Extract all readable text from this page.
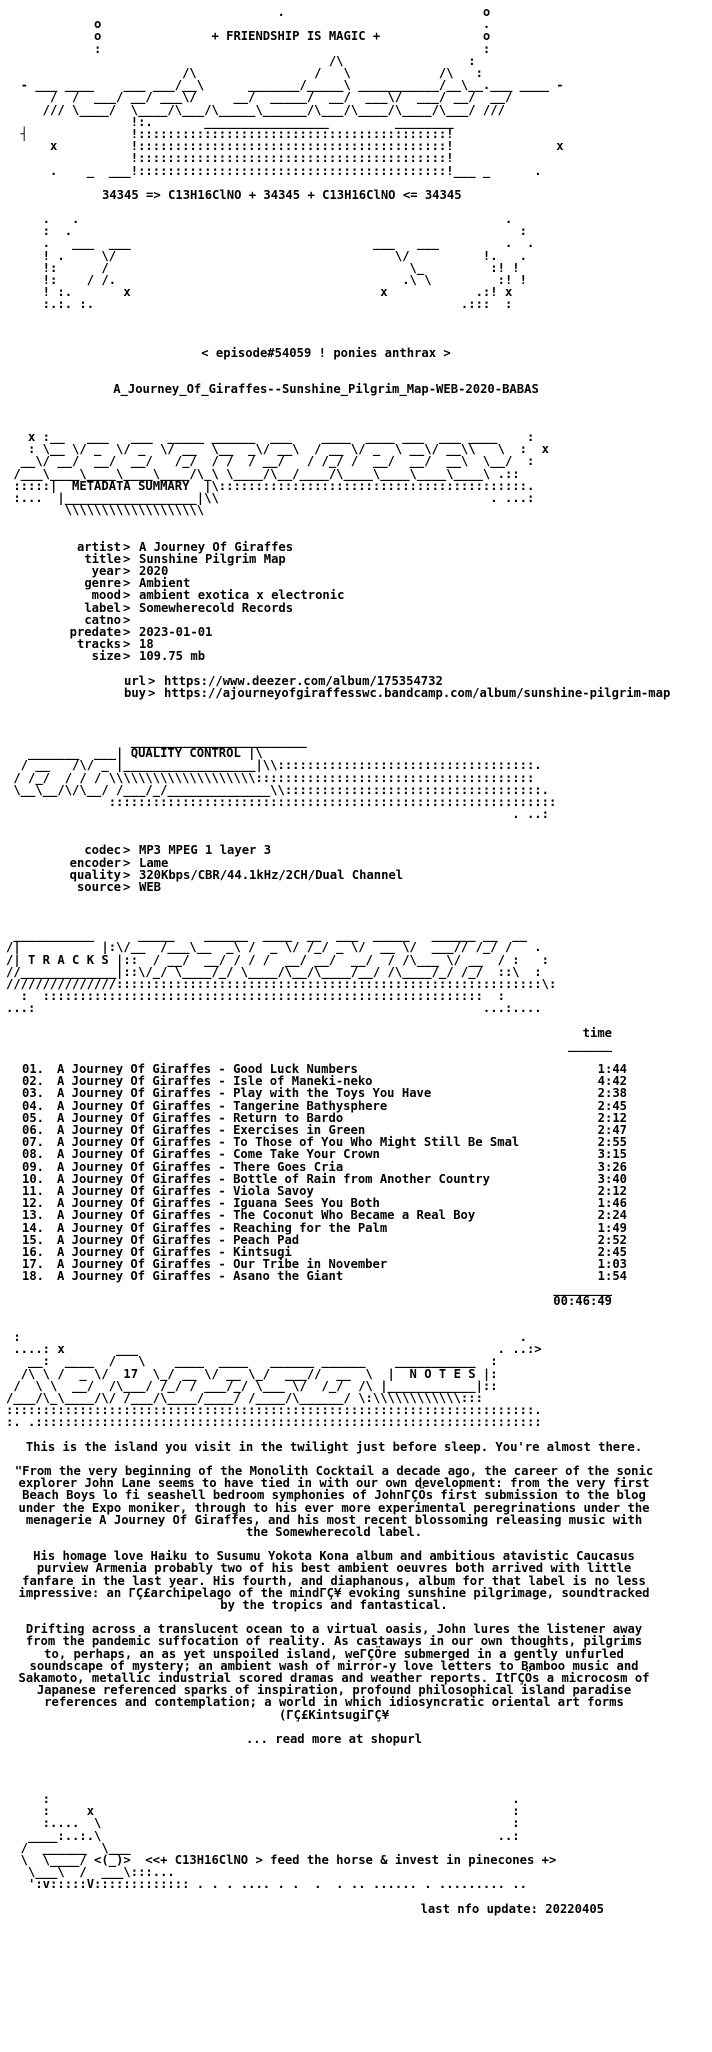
.                           o
o                                                    .
o               + FRIENDSHIP IS MAGIC +              o
:                                                    :
/\                 :
/\                /   \            /\   :
- ___ ____    ___ ___/__\      _______/_____\ ___________/__\__.___ ____ -
/  /  ___/ __/ ___\/     __/  _____/  __/  ___\/  ___/ __/  __/
/// \____/  \____/\___/\_____\______/\___/\____/\____/\___/ ///
!:.       _________________         ________
┤              !::::::::::::::::::::::::::::::::::::::::::!
x          !::::::::::::::::::::::::::::::::::::::::::!              x
!::::::::::::::::::::::::::::::::::::::::::!
.    _  ___!::::::::::::::::::::::::::::::::::::::::::!___ _      .
34345 => C13H16ClNO + 34345 + C13H16ClNO <= 34345
.   .                                                          .
:  .                                                             :
.   ___  ___                                 ___   ___         .  .
! .     \/                                      \/          !.   .
!:      /                                         \_         :! !
!:    / /.                                       .\ \         :! !
! :.       x                                  x            .:! x
:.:. :.                                                  .:::  :
< episode#54059 ! ponies anthrax >
A_Journey_Of_Giraffes--Sunshine_Pilgrim_Map-WEB-2020-BABAS
x :__   ___   ___  _____ ______  ___    ____  ____ ___  ___ ____    :
: \__ \/ _  \/ _  \/ __  \__  _\/ __\  / __ \/ _  \ __\/ __\\   \  :  x
__\/ __/  __/  __/   /_/  / /  / __/   / /_/ /  __/  __/  __\  \__/  :
/___\____\____\____\____/\_\ \____/\__/____/\____\____\____\____\ .::
:::::|  METADATA SUMMARY  |\::::::::::::::::::::::::::::::::::::::::::.
:...  |__________________|\\                                     . ...:
\\\\\\\\\\\\\\\\\\\
artist > A Journey Of Giraffes
title > Sunshine Pilgrim Map
year > 2020
genre > Ambient
mood > ambient exotica x electronic
label > Somewherecold Records
catno >
predate > 2023-01-01
tracks > 18
size > 109.75 mb
url > https://www.deezer.com/album/175354732
buy > https://ajourneyofgiraffesswc.bandcamp.com/album/sunshine-pilgrim-map
________________________
_______  ___| QUALITY CONTROL |\
/ __   /\/ _ |__________________|\\:::::::::::::::::::::::::::::::::::.
/ /_/  / / / \\\\\\\\\\\\\\\\\\\\::::::::::::::::::::::::::::::::::::::
\__\__/\/\__/ /___/_/______________\\:::::::::::::::::::::::::::::::::::.
:::::::::::::::::::::::::::::::::::::::::::::::::::::::::::::
. ..:
codec > MP3 MPEG 1 layer 3
encoder > Lame
quality > 320Kbps/CBR/44.1kHz/2CH/Dual Channel
source > WEB
___________      _____    ______  ____  __  ___  _____   ______ __  __
/|           |:\/__  /___\__  _\ /  _ \/ /_/ _ \/  __ \/  ___// /_/ /   .
/| T R A C K S |::  / __/  __/ / / /  __/ __/  __/  / /\___ \/ __  / :   :
//_____________|::\/_/ \____/_/ \____/\__/\____/__/ /\____/_/ /_/  ::\  :
///////////////::::::::::::::::::::::::::::::::::::::::::::::::::::::::::\:
:  ::::::::::::::::::::::::::::::::::::::::::::::::::::::::::::  :
...:                                                             ...:....
time
______
01.	A Journey Of Giraffes - Good Luck Numbers	1:44
02.	A Journey Of Giraffes - Isle of Maneki-neko	4:42
03.	A Journey Of Giraffes - Play with the Toys You Have	2:38
04.	A Journey Of Giraffes - Tangerine Bathysphere	2:45
05.	A Journey Of Giraffes - Return to Bardo	2:12
06.	A Journey Of Giraffes - Exercises in Green	2:47
07.	A Journey Of Giraffes - To Those of You Who Might Still Be Smal	2:55
08.	A Journey Of Giraffes - Come Take Your Crown	3:15
09.	A Journey Of Giraffes - There Goes Cria	3:26
10.	A Journey Of Giraffes - Bottle of Rain from Another Country	3:40
11.	A Journey Of Giraffes - Viola Savoy	2:12
12.	A Journey Of Giraffes - Iguana Sees You Both	1:46
13.	A Journey Of Giraffes - The Coconut Who Became a Real Boy	2:24
14.	A Journey Of Giraffes - Reaching for the Palm	1:49
15.	A Journey Of Giraffes - Peach Pad	2:52
16.	A Journey Of Giraffes - Kintsugi	2:45
17.	A Journey Of Giraffes - Our Tribe in November	1:03
18.	A Journey Of Giraffes - Asano the Giant	1:54
________
00:46:49
:                                                                    .
....: x       ___                                                 . ..:>
__:  ____  /   \    ____  ____   ______ ______    ___________  :
/\ \ /  _ \/  17  \_/ __ \/ __ \_/  ___//  __  \  |  N O T E S |:
/  \ \  __/  /\___/ /_/ / ___/_/ \___ \/  /_/  /\ |____________|::
/___/\_\____/\/ /___/\____/____/ /____/\______/ \:\\\\\\\\\\\\:::
::::::::::::::::::::::::::::::::::::::::::::::::::::::::::::::::::::::::.
:. .:::::::::::::::::::::::::::::::::::::::::::::::::::::::::::::::::::::

This is the island you visit in the twilight just before sleep. You're almost there.

"From the very beginning of the Monolith Cocktail a decade ago, the career of the sonic explorer John Lane seems to have tied in with our own development: from the very first Beach Boys lo fi seashell bedroom symphonies of JohnΓÇÖs first submission to the blog under the Expo moniker, through to his ever more experimental peregrinations under the menagerie A Journey Of Giraffes, and his most recent blossoming releasing music with the Somewherecold label.

His homage love Haiku to Susumu Yokota Kona album and ambitious atavistic Caucasus purview Armenia probably two of his best ambient oeuvres both arrived with little fanfare in the last year. His fourth, and diaphanous, album for that label is no less impressive: an ΓÇ£archipelago of the mindΓÇ¥ evoking sunshine pilgrimage, soundtracked by the tropics and fantastical.

Drifting across a translucent ocean to a virtual oasis, John lures the listener away from the pandemic suffocation of reality. As castaways in our own thoughts, pilgrims to, perhaps, an as yet unspoiled island, weΓÇÖre submerged in a gently unfurled soundscape of mystery; an ambient wash of mirror-y love letters to Bamboo music and Sakamoto, metallic industrial scored dramas and weather reports. ItΓÇÖs a microcosm of Japanese referenced sparks of inspiration, profound philosophical island paradise references and contemplation; a world in which idiosyncratic oriental art forms (ΓÇ£KintsugiΓÇ¥

... read more at shopurl

:                                                               .
:     x                                                         :
:....  \                                                        :
____:..:.\                                                      ..:
/  ______  \___
\  \____/ <(_)>  <<+ C13H16ClNO > feed the horse & invest in pinecones +>
\___\  /  ___\:::...
':v:::::V::::::::::::: . . . .... . .  .  . .. ...... . ......... ..
last nfo update: 20220405
